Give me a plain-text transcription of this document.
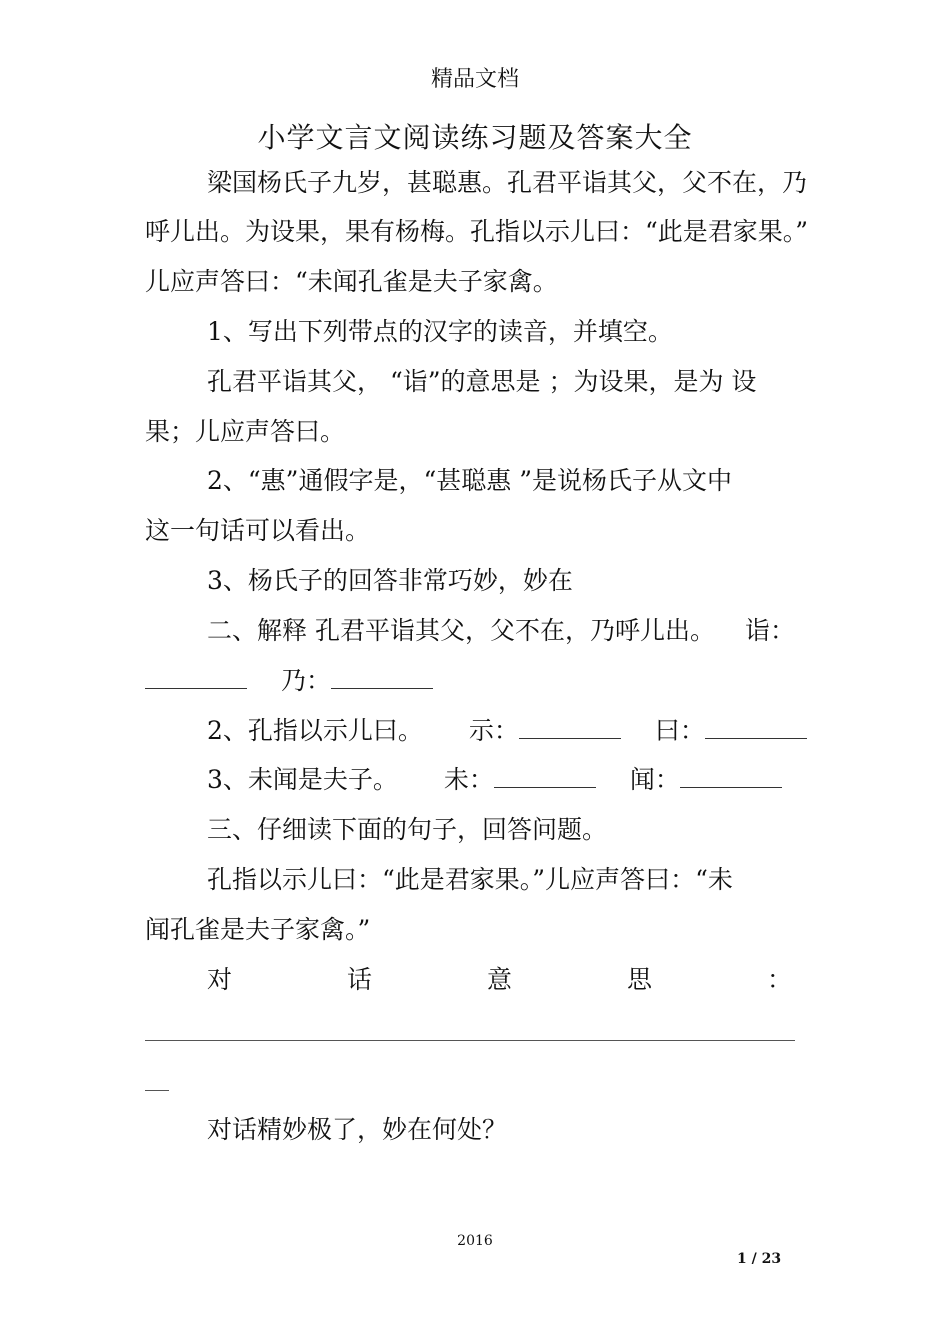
精品文档
小学文言文阅读练习题及答案大全
梁国杨氏子九岁，甚聪惠。孔君平诣其父，父不在，乃
呼儿出。为设果，果有杨梅。孔指以示儿曰：“此是君家果。”
儿应声答曰：“未闻孔雀是夫子家禽。
1、写出下列带点的汉字的读音，并填空。
孔君平诣其父， “诣”的意思是 ；为设果，是为 设
果；儿应声答曰。
2、“惠”通假字是，“甚聪惠 ”是说杨氏子从文中
这一句话可以看出。
3、杨氏子的回答非常巧妙，妙在
二、解释 孔君平诣其父，父不在，乃呼儿出。 诣：
乃：
2、孔指以示儿曰。 示：	曰：
3、未闻是夫子。 未：	闻：
三、仔细读下面的句子，回答问题。
孔指以示儿曰：“此是君家果。”儿应声答曰：“未
闻孔雀是夫子家禽。”
对	话	意	思	：
对话精妙极了，妙在何处？
2016
1 / 23
